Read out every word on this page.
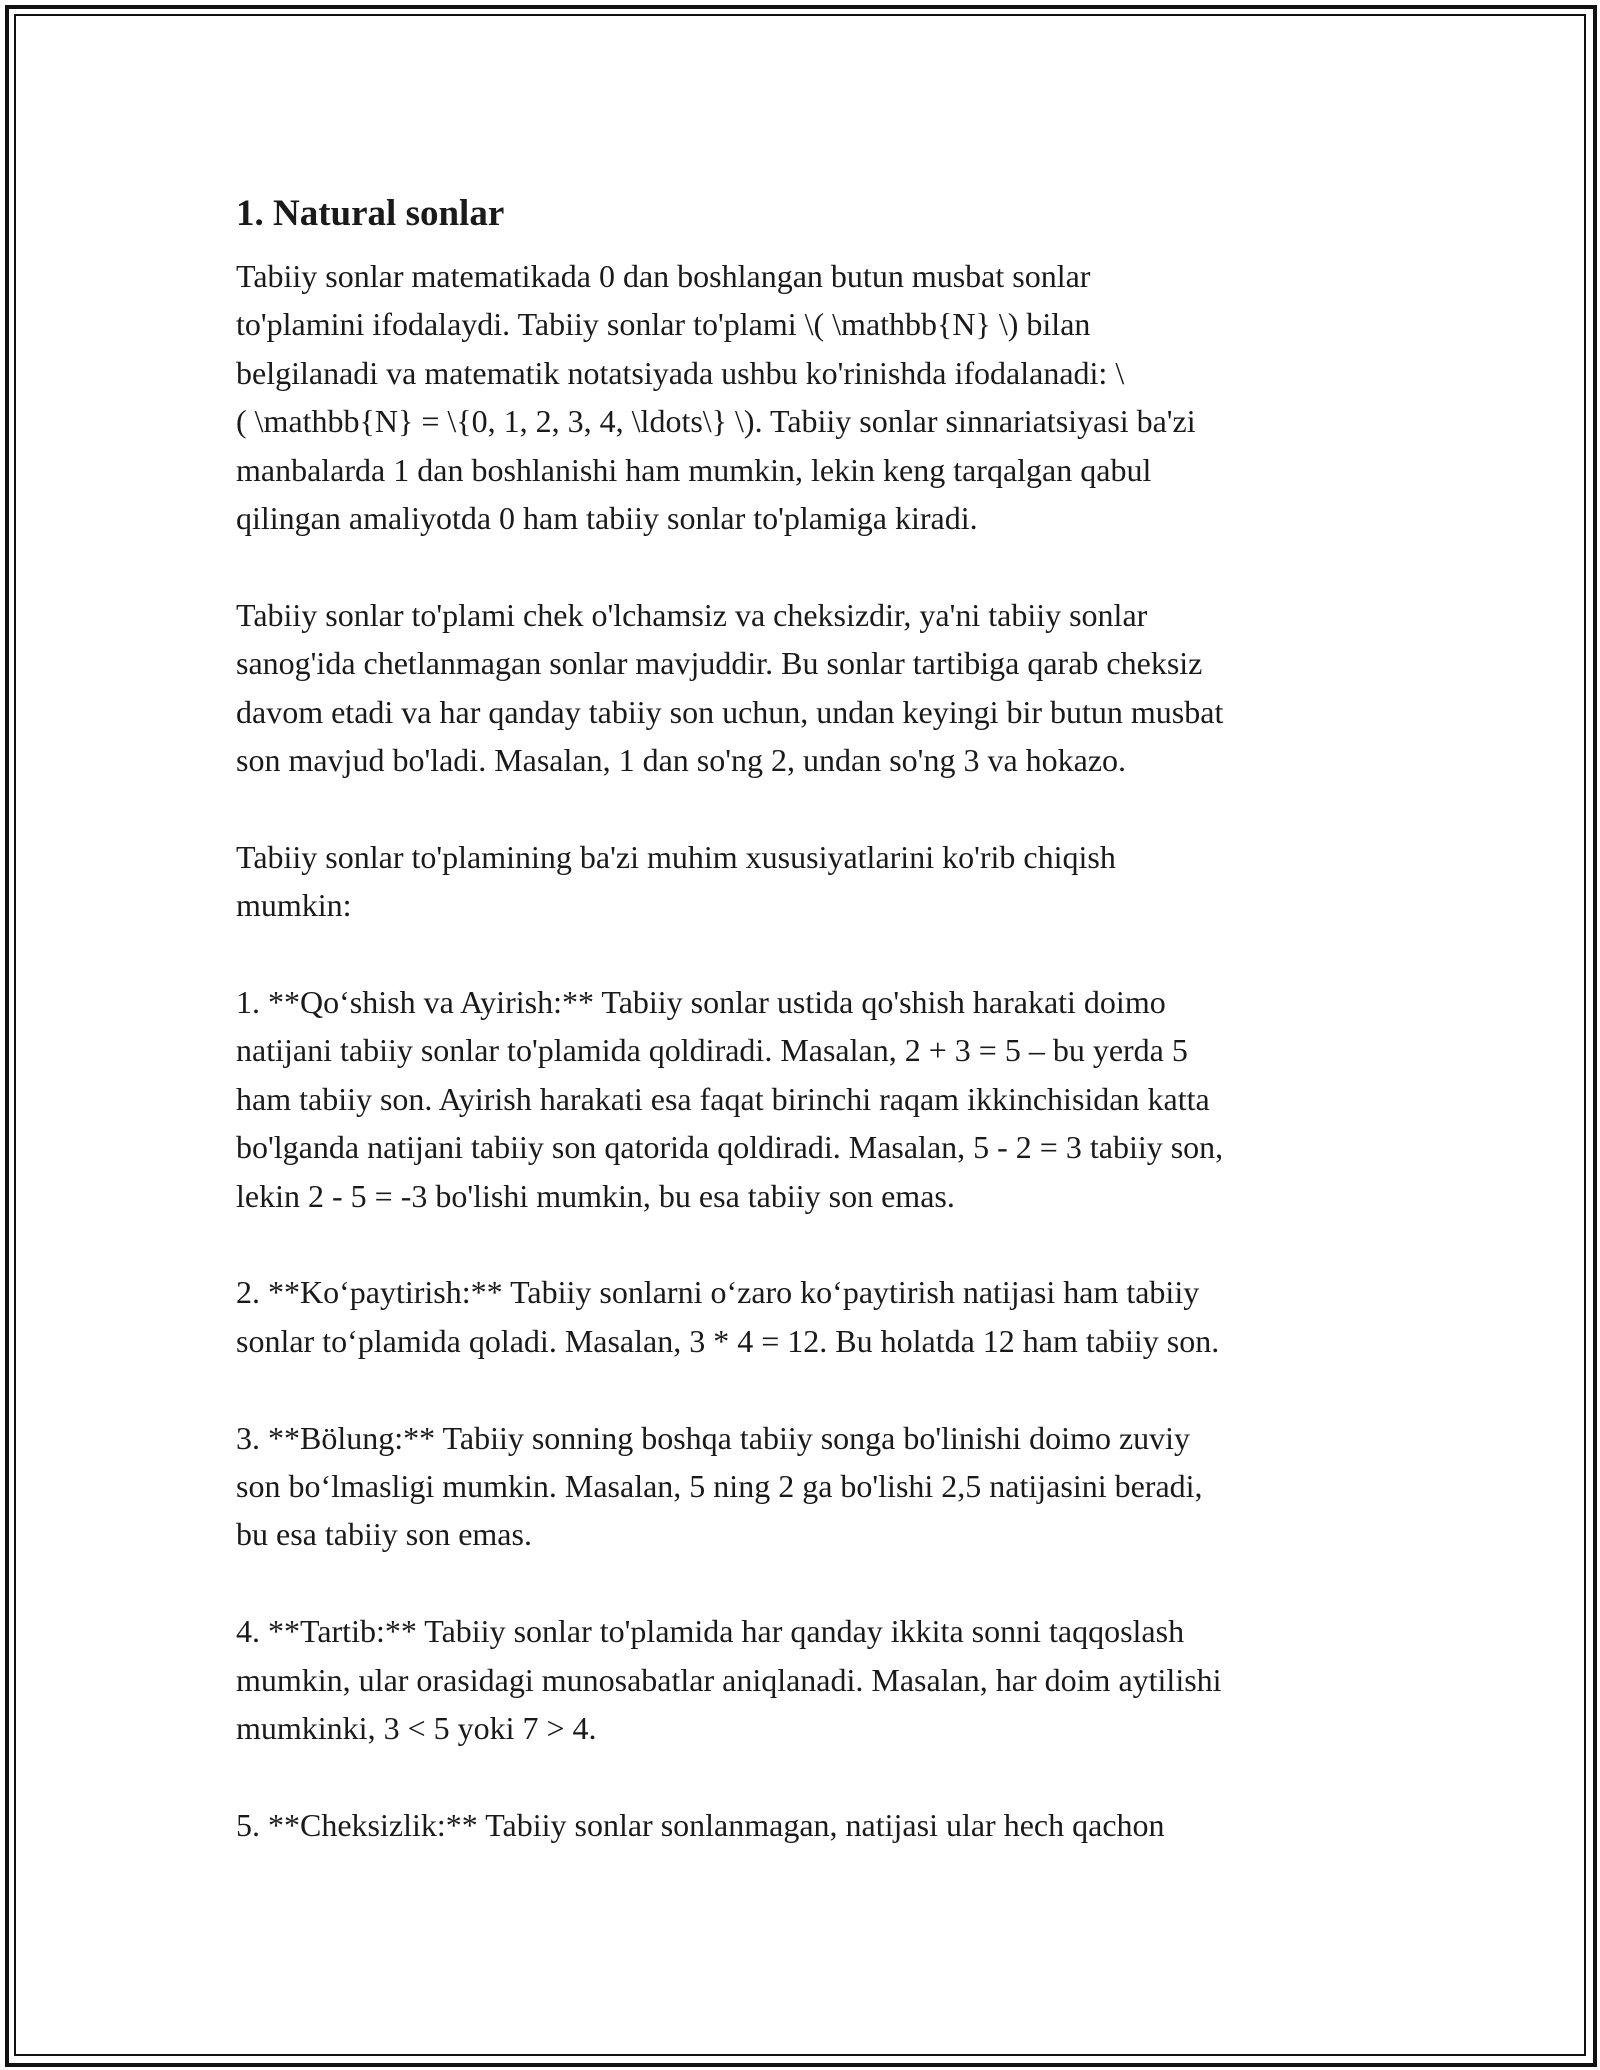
1. Natural sonlar

Tabiiy sonlar matematikada 0 dan boshlangan butun musbat sonlar
to'plamini ifodalaydi. Tabiiy sonlar to'plami \( \mathbb{N} \) bilan
belgilanadi va matematik notatsiyada ushbu ko'rinishda ifodalanadi: \
( \mathbb{N} = \{0, 1, 2, 3, 4, \ldots\} \). Tabiiy sonlar sinnariatsiyasi ba'zi
manbalarda 1 dan boshlanishi ham mumkin, lekin keng tarqalgan qabul
qilingan amaliyotda 0 ham tabiiy sonlar to'plamiga kiradi.

Tabiiy sonlar to'plami chek o'lchamsiz va cheksizdir, ya'ni tabiiy sonlar
sanog'ida chetlanmagan sonlar mavjuddir. Bu sonlar tartibiga qarab cheksiz
davom etadi va har qanday tabiiy son uchun, undan keyingi bir butun musbat
son mavjud bo'ladi. Masalan, 1 dan so'ng 2, undan so'ng 3 va hokazo.

Tabiiy sonlar to'plamining ba'zi muhim xususiyatlarini ko'rib chiqish
mumkin:

1. **Qo‘shish va Ayirish:** Tabiiy sonlar ustida qo'shish harakati doimo
natijani tabiiy sonlar to'plamida qoldiradi. Masalan, 2 + 3 = 5 – bu yerda 5
ham tabiiy son. Ayirish harakati esa faqat birinchi raqam ikkinchisidan katta
bo'lganda natijani tabiiy son qatorida qoldiradi. Masalan, 5 - 2 = 3 tabiiy son,
lekin 2 - 5 = -3 bo'lishi mumkin, bu esa tabiiy son emas.

2. **Ko‘paytirish:** Tabiiy sonlarni o‘zaro ko‘paytirish natijasi ham tabiiy
sonlar to‘plamida qoladi. Masalan, 3 * 4 = 12. Bu holatda 12 ham tabiiy son.

3. **Bölung:** Tabiiy sonning boshqa tabiiy songa bo'linishi doimo zuviy
son bo‘lmasligi mumkin. Masalan, 5 ning 2 ga bo'lishi 2,5 natijasini beradi,
bu esa tabiiy son emas.

4. **Tartib:** Tabiiy sonlar to'plamida har qanday ikkita sonni taqqoslash
mumkin, ular orasidagi munosabatlar aniqlanadi. Masalan, har doim aytilishi
mumkinki, 3 < 5 yoki 7 > 4.

5. **Cheksizlik:** Tabiiy sonlar sonlanmagan, natijasi ular hech qachon
